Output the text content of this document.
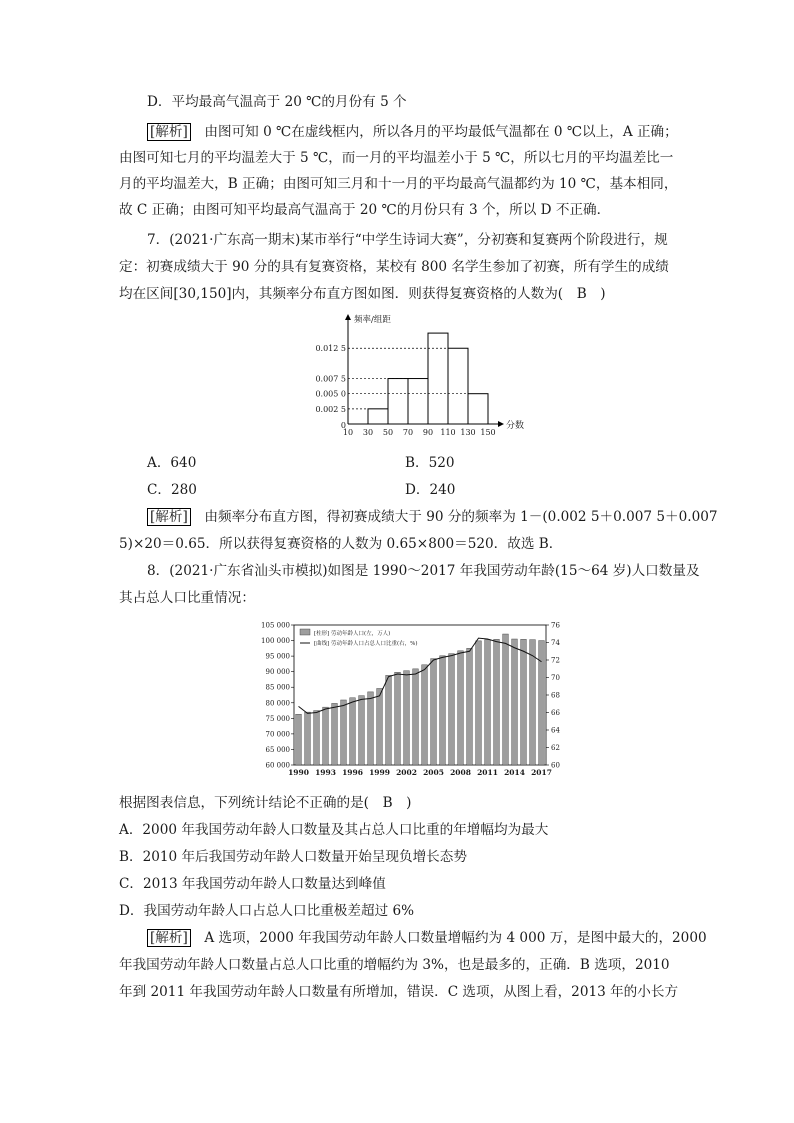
D．平均最高气温高于 20 ℃的月份有 5 个
[解析]　 由图可知 0 ℃在虚线框内，所以各月的平均最低气温都在 0 ℃以上，A 正确；
由图可知七月的平均温差大于 5 ℃，而一月的平均温差小于 5 ℃，所以七月的平均温差比一
月的平均温差大，B 正确；由图可知三月和十一月的平均最高气温都约为 10 ℃，基本相同，
故 C 正确；由图可知平均最高气温高于 20 ℃的月份只有 3 个，所以 D 不正确．
7．(2021·广东高一期末)某市举行“中学生诗词大赛”，分初赛和复赛两个阶段进行，规
定：初赛成绩大于 90 分的具有复赛资格，某校有 800 名学生参加了初赛，所有学生的成绩
均在区间[30,150]内，其频率分布直方图如图．则获得复赛资格的人数为(　B　)
0.002 5
0.005 0
0.007 5
0.012 5
0
10 30 50 70 90 110 130 150
分数
频率/组距
A．640	B．520
C．280	D．240
[解析]　 由频率分布直方图，得初赛成绩大于 90 分的频率为 1－(0.002 5＋0.007 5＋0.007
5)×20＝0.65．所以获得复赛资格的人数为 0.65×800＝520．故选 B．
8．(2021·广东省汕头市模拟)如图是 1990～2017 年我国劳动年龄(15～64 岁)人口数量及
其占总人口比重情况：
60 000
65 000
70 000
75 000
80 000
85 000
90 000
95 000
100 000
105 000
60
62
64
66
68
70
72
74
76
1990 1993 1996 1999 2002 2005 2008 2011 2014 2017
[柱形] 劳动年龄人口(左，万人)
[曲线] 劳动年龄人口占总人口比重(右，%)
根据图表信息，下列统计结论不正确的是(　B　)
A．2000 年我国劳动年龄人口数量及其占总人口比重的年增幅均为最大
B．2010 年后我国劳动年龄人口数量开始呈现负增长态势
C．2013 年我国劳动年龄人口数量达到峰值
D．我国劳动年龄人口占总人口比重极差超过 6%
[解析]　 A 选项，2000 年我国劳动年龄人口数量增幅约为 4 000 万，是图中最大的，2000
年我国劳动年龄人口数量占总人口比重的增幅约为 3%，也是最多的，正确．B 选项，2010
年到 2011 年我国劳动年龄人口数量有所增加，错误．C 选项，从图上看，2013 年的小长方
